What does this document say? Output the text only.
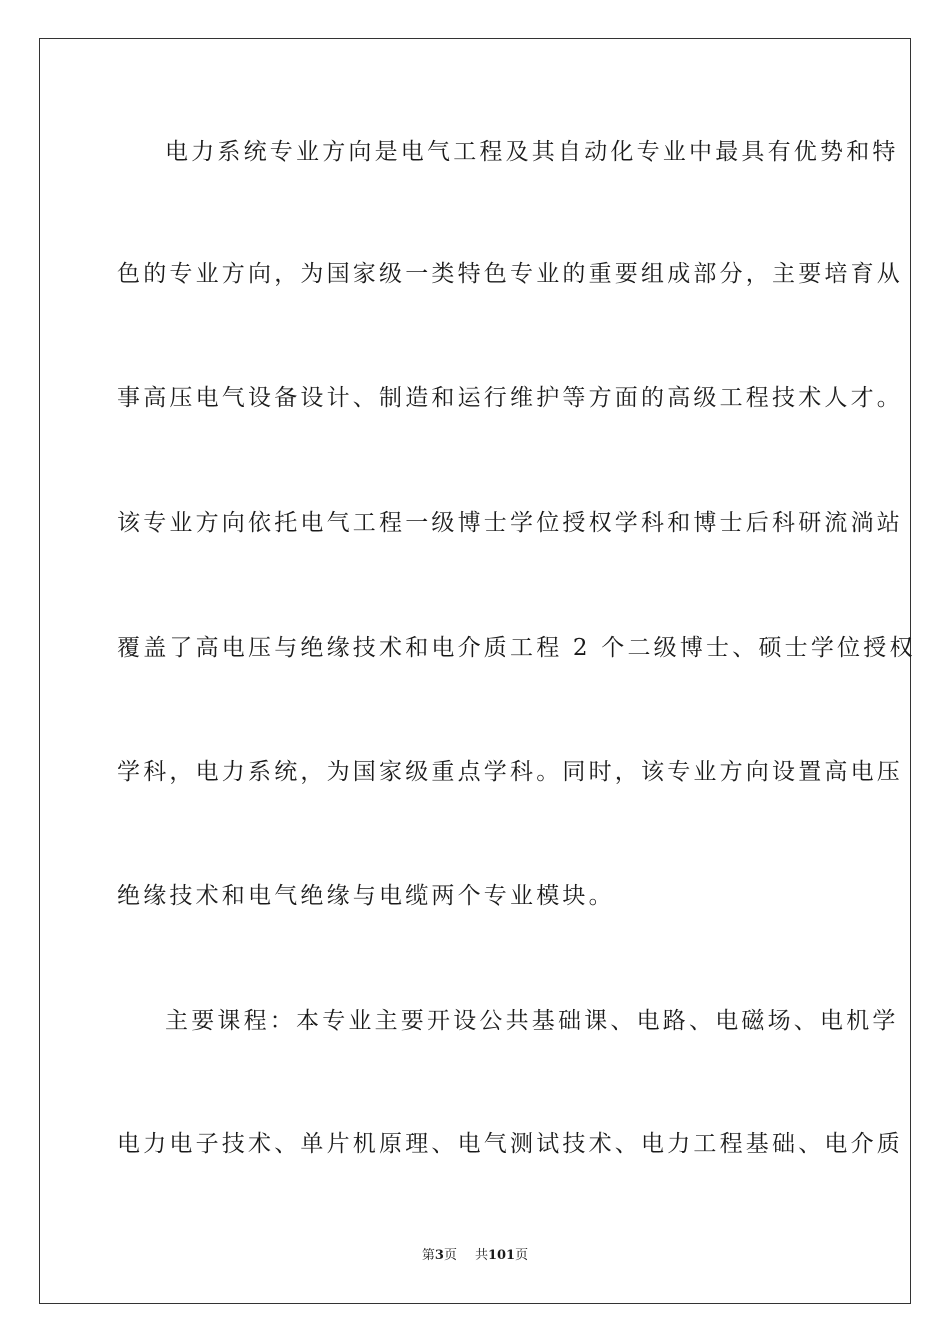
电力系统专业方向是电气工程及其自动化专业中最具有优势和特
色的专业方向，为国家级一类特色专业的重要组成部分，主要培育从
事高压电气设备设计、制造和运行维护等方面的高级工程技术人才。
该专业方向依托电气工程一级博士学位授权学科和博士后科研流淌站
覆盖了高电压与绝缘技术和电介质工程 2 个二级博士、硕士学位授权
学科，电力系统，为国家级重点学科。同时，该专业方向设置高电压
绝缘技术和电气绝缘与电缆两个专业模块。
主要课程：本专业主要开设公共基础课、电路、电磁场、电机学
电力电子技术、单片机原理、电气测试技术、电力工程基础、电介质
第3页 共101页
